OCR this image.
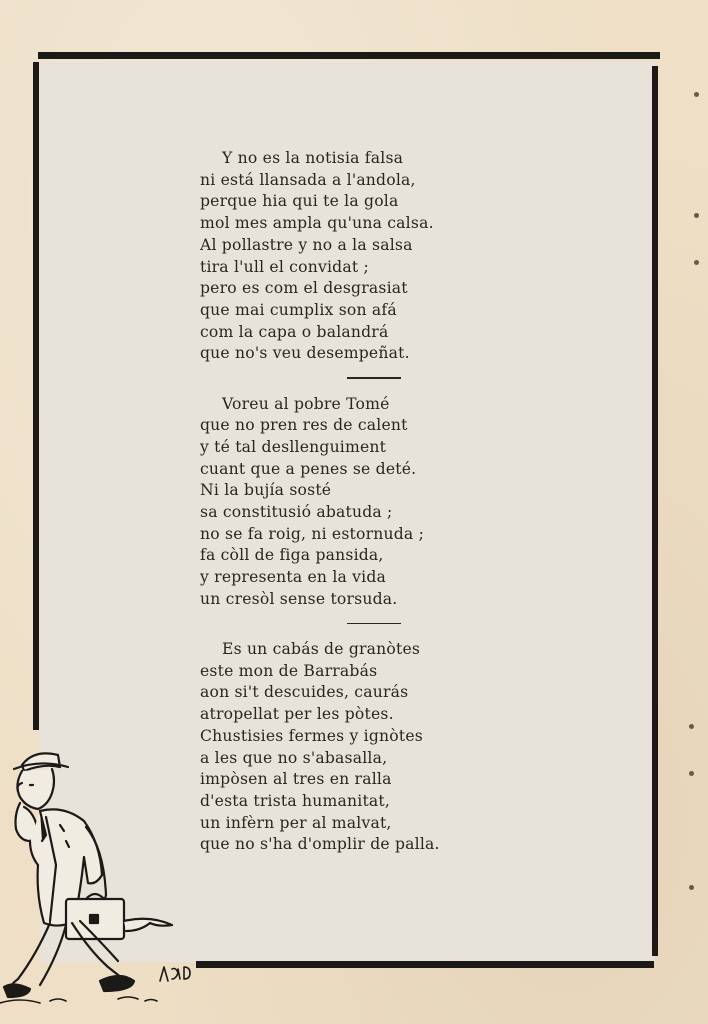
Y no es la notisia falsa
ni está llansada a l'andola,
perque hia qui te la gola
mol mes ampla qu'una calsa.
Al pollastre y no a la salsa
tira l'ull el convidat ;
pero es com el desgrasiat
que mai cumplix son afá
com la capa o balandrá
que no's veu desempeñat.

Voreu al pobre Tomé
que no pren res de calent
y té tal desllenguiment
cuant que a penes se deté.
Ni la bujía sosté
sa constitusió abatuda ;
no se fa roig, ni estornuda ;
fa còll de figa pansida,
y representa en la vida
un cresòl sense torsuda.

Es un cabás de granòtes
este mon de Barrabás
aon si't descuides, caurás
atropellat per les pòtes.
Chustisies fermes y ignòtes
a les que no s'abasalla,
impòsen al tres en ralla
d'esta trista humanitat,
un infèrn per al malvat,
que no s'ha d'omplir de palla.
